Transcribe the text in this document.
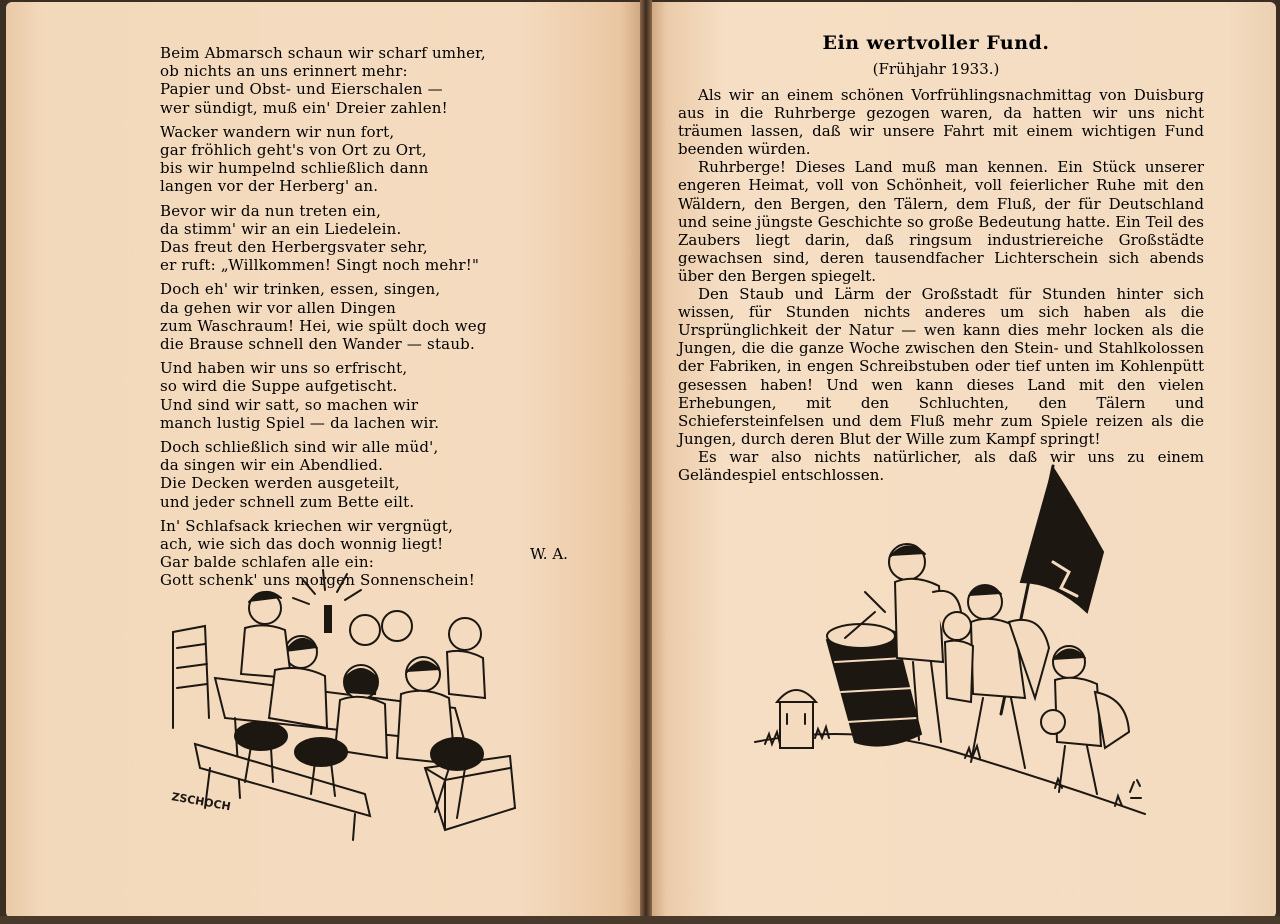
Beim Abmarsch schaun wir scharf umher,
ob nichts an uns erinnert mehr:
Papier und Obst- und Eierschalen —
wer sündigt, muß ein' Dreier zahlen!
Wacker wandern wir nun fort,
gar fröhlich geht's von Ort zu Ort,
bis wir humpelnd schließlich dann
langen vor der Herberg' an.
Bevor wir da nun treten ein,
da stimm' wir an ein Liedelein.
Das freut den Herbergsvater sehr,
er ruft: „Willkommen! Singt noch mehr!"
Doch eh' wir trinken, essen, singen,
da gehen wir vor allen Dingen
zum Waschraum! Hei, wie spült doch weg
die Brause schnell den Wander — staub.
Und haben wir uns so erfrischt,
so wird die Suppe aufgetischt.
Und sind wir satt, so machen wir
manch lustig Spiel — da lachen wir.
Doch schließlich sind wir alle müd',
da singen wir ein Abendlied.
Die Decken werden ausgeteilt,
und jeder schnell zum Bette eilt.
In' Schlafsack kriechen wir vergnügt,
ach, wie sich das doch wonnig liegt!
Gar balde schlafen alle ein:
Gott schenk' uns morgen Sonnenschein!
W. A.
ZSCHOCH
Ein wertvoller Fund.
(Frühjahr 1933.)

Als wir an einem schönen Vorfrühlingsnachmittag von Duisburg aus in die Ruhrberge gezogen waren, da hatten wir uns nicht träumen lassen, daß wir unsere Fahrt mit einem wichtigen Fund beenden würden.

Ruhrberge! Dieses Land muß man kennen. Ein Stück unserer engeren Heimat, voll von Schönheit, voll feierlicher Ruhe mit den Wäldern, den Bergen, den Tälern, dem Fluß, der für Deutschland und seine jüngste Geschichte so große Bedeutung hatte. Ein Teil des Zaubers liegt darin, daß ringsum industriereiche Großstädte gewachsen sind, deren tausendfacher Lichterschein sich abends über den Bergen spiegelt.

Den Staub und Lärm der Großstadt für Stunden hinter sich wissen, für Stunden nichts anderes um sich haben als die Ursprünglichkeit der Natur — wen kann dies mehr locken als die Jungen, die die ganze Woche zwischen den Stein- und Stahlkolossen der Fabriken, in engen Schreibstuben oder tief unten im Kohlenpütt gesessen haben! Und wen kann dieses Land mit den vielen Erhebungen, mit den Schluchten, den Tälern und Schiefersteinfelsen und dem Fluß mehr zum Spiele reizen als die Jungen, durch deren Blut der Wille zum Kampf springt!

Es war also nichts natürlicher, als daß wir uns zu einem Geländespiel entschlossen.
